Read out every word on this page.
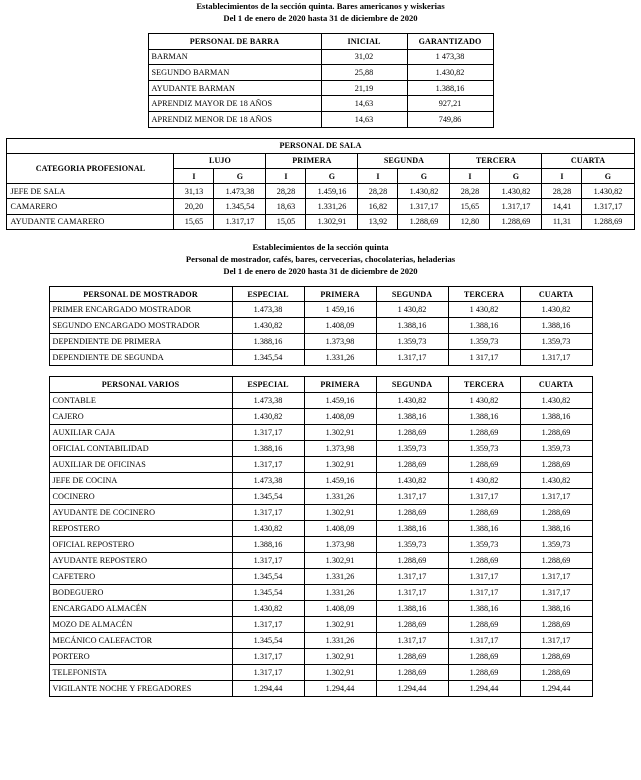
Establecimientos de la sección quinta. Bares americanos y wiskerias
Del 1 de enero de 2020 hasta 31 de diciembre de 2020
PERSONAL DE BARRA	INICIAL	GARANTIZADO
BARMAN	31,02	1 473,38
SEGUNDO BARMAN	25,88	1.430,82
AYUDANTE BARMAN	21,19	1.388,16
APRENDIZ MAYOR DE 18 AÑOS	14,63	927,21
APRENDIZ MENOR DE 18 AÑOS	14,63	749,86
PERSONAL DE SALA										
CATEGORIA PROFESIONAL	LUJO		PRIMERA		SEGUNDA		TERCERA		CUARTA	
	I	G	I	G	I	G	I	G	I	G
JEFE DE SALA	31,13	1.473,38	28,28	1.459,16	28,28	1.430,82	28,28	1.430,82	28,28	1.430,82
CAMARERO	20,20	1.345,54	18,63	1.331,26	16,82	1.317,17	15,65	1.317,17	14,41	1.317,17
AYUDANTE CAMARERO	15,65	1.317,17	15,05	1.302,91	13,92	1.288,69	12,80	1.288,69	11,31	1.288,69
Establecimientos de la sección quinta
Personal de mostrador, cafés, bares, cervecerias, chocolaterias, heladerias
Del 1 de enero de 2020 hasta 31 de diciembre de 2020
PERSONAL DE MOSTRADOR	ESPECIAL	PRIMERA	SEGUNDA	TERCERA	CUARTA
PRIMER ENCARGADO MOSTRADOR	1.473,38	1 459,16	1 430,82	1 430,82	1.430,82
SEGUNDO ENCARGADO MOSTRADOR	1.430,82	1.408,09	1.388,16	1.388,16	1.388,16
DEPENDIENTE DE PRIMERA	1.388,16	1.373,98	1.359,73	1.359,73	1.359,73
DEPENDIENTE DE SEGUNDA	1.345,54	1.331,26	1.317,17	1 317,17	1.317,17
PERSONAL VARIOS	ESPECIAL	PRIMERA	SEGUNDA	TERCERA	CUARTA
CONTABLE	1.473,38	1.459,16	1.430,82	1 430,82	1.430,82
CAJERO	1.430,82	1.408,09	1.388,16	1.388,16	1.388,16
AUXILIAR CAJA	1.317,17	1.302,91	1.288,69	1.288,69	1.288,69
OFICIAL CONTABILIDAD	1.388,16	1.373,98	1.359,73	1.359,73	1.359,73
AUXILIAR DE OFICINAS	1.317,17	1.302,91	1.288,69	1.288,69	1.288,69
JEFE DE COCINA	1.473,38	1.459,16	1.430,82	1 430,82	1.430,82
COCINERO	1.345,54	1.331,26	1.317,17	1.317,17	1.317,17
AYUDANTE DE COCINERO	1.317,17	1.302,91	1.288,69	1.288,69	1.288,69
REPOSTERO	1.430,82	1.408,09	1.388,16	1.388,16	1.388,16
OFICIAL REPOSTERO	1.388,16	1.373,98	1.359,73	1.359,73	1.359,73
AYUDANTE REPOSTERO	1.317,17	1.302,91	1.288,69	1.288,69	1.288,69
CAFETERO	1.345,54	1.331,26	1.317,17	1.317,17	1.317,17
BODEGUERO	1.345,54	1.331,26	1.317,17	1.317,17	1.317,17
ENCARGADO ALMACÉN	1.430,82	1.408,09	1.388,16	1.388,16	1.388,16
MOZO DE ALMACÉN	1.317,17	1.302,91	1.288,69	1.288,69	1.288,69
MECÁNICO CALEFACTOR	1.345,54	1.331,26	1.317,17	1.317,17	1.317,17
PORTERO	1.317,17	1.302,91	1.288,69	1.288,69	1.288,69
TELEFONISTA	1.317,17	1.302,91	1.288,69	1.288,69	1.288,69
VIGILANTE NOCHE Y FREGADORES	1.294,44	1.294,44	1.294,44	1.294,44	1.294,44
